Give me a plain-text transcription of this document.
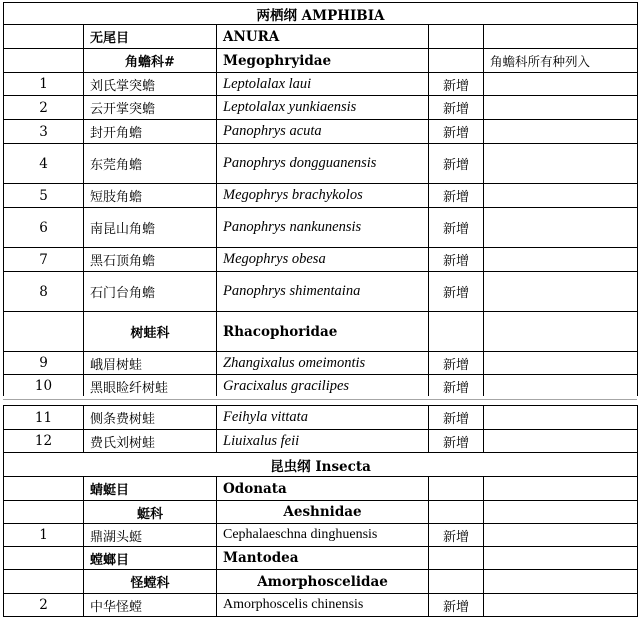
两栖纲 AMPHIBIA				
	无尾目	ANURA		
	角蟾科#	Megophryidae		角蟾科所有种列入
1	刘氏掌突蟾	Leptolalax laui	新增	
2	云开掌突蟾	Leptolalax yunkiaensis	新增	
3	封开角蟾	Panophrys acuta	新增	
4	东莞角蟾	Panophrys dongguanensis	新增	
5	短肢角蟾	Megophrys brachykolos	新增	
6	南昆山角蟾	Panophrys nankunensis	新增	
7	黑石顶角蟾	Megophrys obesa	新增	
8	石门台角蟾	Panophrys shimentaina	新增	
	树蛙科	Rhacophoridae		
9	峨眉树蛙	Zhangixalus omeimontis	新增	
10	黑眼睑纤树蛙	Gracixalus gracilipes	新增	
11	侧条费树蛙	Feihyla vittata	新增	
12	费氏刘树蛙	Liuixalus feii	新增	
昆虫纲 Insecta				
	蜻蜓目	Odonata		
	蜓科	Aeshnidae		
1	鼎湖头蜓	Cephalaeschna dinghuensis	新增	
	螳螂目	Mantodea		
	怪螳科	Amorphoscelidae		
2	中华怪螳	Amorphoscelis chinensis	新增	
